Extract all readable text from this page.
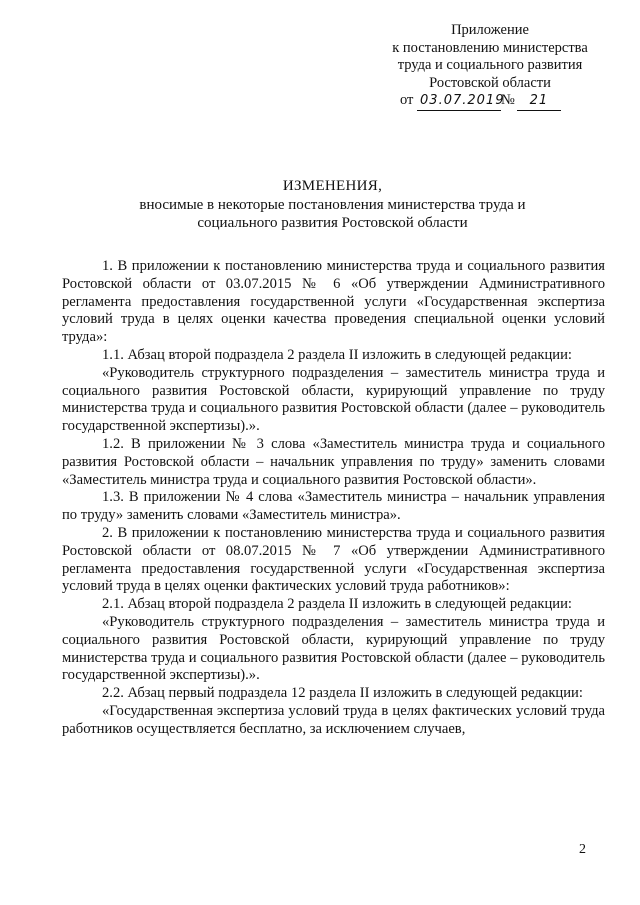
Приложение
к постановлению министерства
труда и социального развития
Ростовской области
от 03.07.2019№ 21
ИЗМЕНЕНИЯ,
вносимые в некоторые постановления министерства труда и
социального развития Ростовской области

1. В приложении к постановлению министерства труда и социального развития Ростовской области от 03.07.2015 № 6 «Об утверждении Административного регламента предоставления государственной услуги «Государственная экспертиза условий труда в целях оценки качества проведения специальной оценки условий труда»:

1.1. Абзац второй подраздела 2 раздела II изложить в следующей редакции:

«Руководитель структурного подразделения – заместитель министра труда и социального развития Ростовской области, курирующий управление по труду министерства труда и социального развития Ростовской области (далее – руководитель государственной экспертизы).».

1.2. В приложении № 3 слова «Заместитель министра труда и социального развития Ростовской области – начальник управления по труду» заменить словами «Заместитель министра труда и социального развития Ростовской области».

1.3. В приложении № 4 слова «Заместитель министра – начальник управления по труду» заменить словами «Заместитель министра».

2. В приложении к постановлению министерства труда и социального развития Ростовской области от 08.07.2015 № 7 «Об утверждении Административного регламента предоставления государственной услуги «Государственная экспертиза условий труда в целях оценки фактических условий труда работников»:

2.1. Абзац второй подраздела 2 раздела II изложить в следующей редакции:

«Руководитель структурного подразделения – заместитель министра труда и социального развития Ростовской области, курирующий управление по труду министерства труда и социального развития Ростовской области (далее – руководитель государственной экспертизы).».

2.2. Абзац первый подраздела 12 раздела II изложить в следующей редакции:

«Государственная экспертиза условий труда в целях фактических условий труда работников осуществляется бесплатно, за исключением случаев,

2
